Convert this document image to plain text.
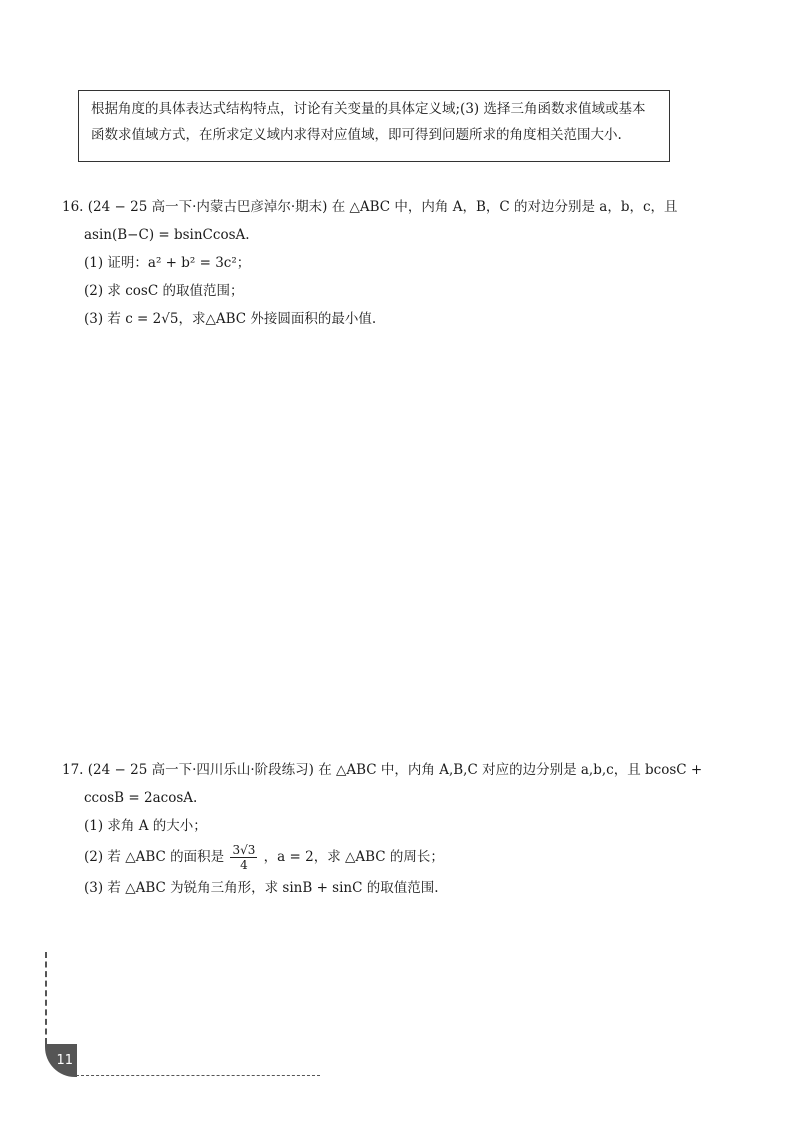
根据角度的具体表达式结构特点，讨论有关变量的具体定义域;(3) 选择三角函数求值域或基本
函数求值域方式，在所求定义域内求得对应值域，即可得到问题所求的角度相关范围大小.
16. (24 − 25 高一下·内蒙古巴彦淖尔·期末) 在 △ABC 中，内角 A，B，C 的对边分别是 a，b，c，且
asin(B−C) = bsinCcosA.
(1) 证明：a² + b² = 3c²；
(2) 求 cosC 的取值范围；
(3) 若 c = 2√5，求△ABC 外接圆面积的最小值.
17. (24 − 25 高一下·四川乐山·阶段练习) 在 △ABC 中，内角 A,B,C 对应的边分别是 a,b,c，且 bcosC +
ccosB = 2acosA.
(1) 求角 A 的大小；
(2) 若 △ABC 的面积是 $\frac{3√3}{4}$ ，a = 2，求 △ABC 的周长；
(3) 若 △ABC 为锐角三角形，求 sinB + sinC 的取值范围.
11
